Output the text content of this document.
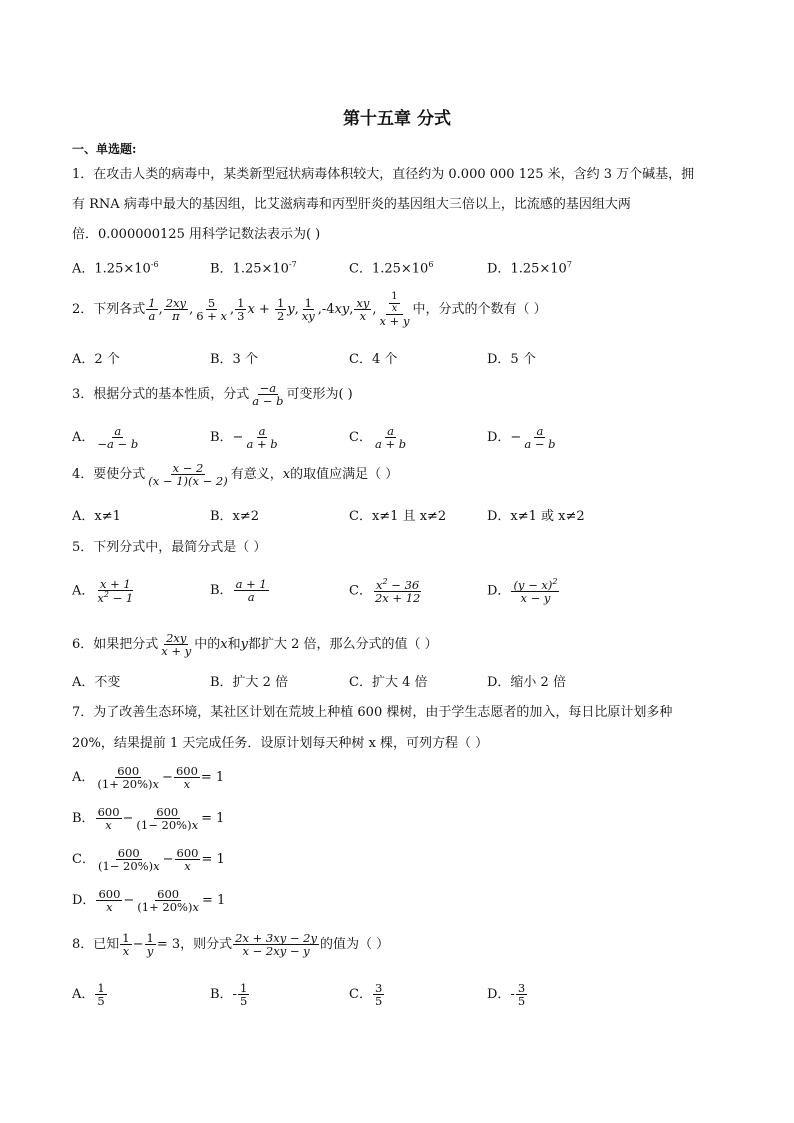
第十五章 分式
一、单选题:
1．在攻击人类的病毒中，某类新型冠状病毒体积较大，直径约为 0.000 000 125 米，含约 3 万个碱基，拥
有 RNA 病毒中最大的基因组，比艾滋病毒和丙型肝炎的基因组大三倍以上，比流感的基因组大两
倍．0.000000125 用科学记数法表示为( )
A．$1.25\times 10^{-6}$	B．$1.25\times 10^{-7}$	C．$1.25\times 10^6$	D．$1.25\times 10^7$
2．下列各式 $\frac{1}{a}$ , $\frac{2xy}{\pi}$ , $\frac{5}{6 + x}$ , $\frac{1}{3}$ $x + \frac{1}{2} y$, $\frac{1}{xy} ,-4xy$, $\frac{xy}{x}$ , $\frac{\frac{1}{x}}{x + y}$ 中，分式的个数有（ ）
A．2 个	B．3 个	C．4 个	D．5 个
3．根据分式的基本性质，分式 $\frac{-a}{a - b}$ 可变形为( )
A． $\frac{a}{-a - b}$	B．− $\frac{a}{a + b}$	C． $\frac{a}{a + b}$	D．− $\frac{a}{a - b}$
4．要使分式 $\frac{x - 2}{(x - 1)(x - 2)}$ 有意义，x的取值应满足（ ）
A．x≠1	B．x≠2	C．x≠1 且 x≠2	D．x≠1 或 x≠2
5．下列分式中，最简分式是（ ）
A． $\frac{x + 1}{x^2 - 1}$	B． $\frac{a + 1}{a}$	C． $\frac{x^2 - 36}{2x + 12}$	D． $\frac{(y - x)^2}{x - y}$
6．如果把分式 $\frac{2xy}{x + y}$ 中的x和y都扩大 2 倍，那么分式的值（ ）
A．不变	B．扩大 2 倍	C．扩大 4 倍	D．缩小 2 倍
7．为了改善生态环境，某社区计划在荒坡上种植 600 棵树，由于学生志愿者的加入，每日比原计划多种
20%，结果提前 1 天完成任务．设原计划每天种树 x 棵，可列方程（ ）
A． $\frac{600}{(1+ 20\%)x} - \frac{600}{x} = 1$
B． $\frac{600}{x} - \frac{600}{(1- 20\%)x} = 1$
C． $\frac{600}{(1- 20\%)x} - \frac{600}{x} = 1$
D． $\frac{600}{x} - \frac{600}{(1+ 20\%)x} = 1$
8．已知 $\frac{1}{x} - \frac{1}{y} = 3$，则分式 $\frac{2x + 3xy - 2y}{x - 2xy - y}$ 的值为（ ）
A． $\frac{1}{5}$	B．- $\frac{1}{5}$	C． $\frac{3}{5}$	D．- $\frac{3}{5}$
